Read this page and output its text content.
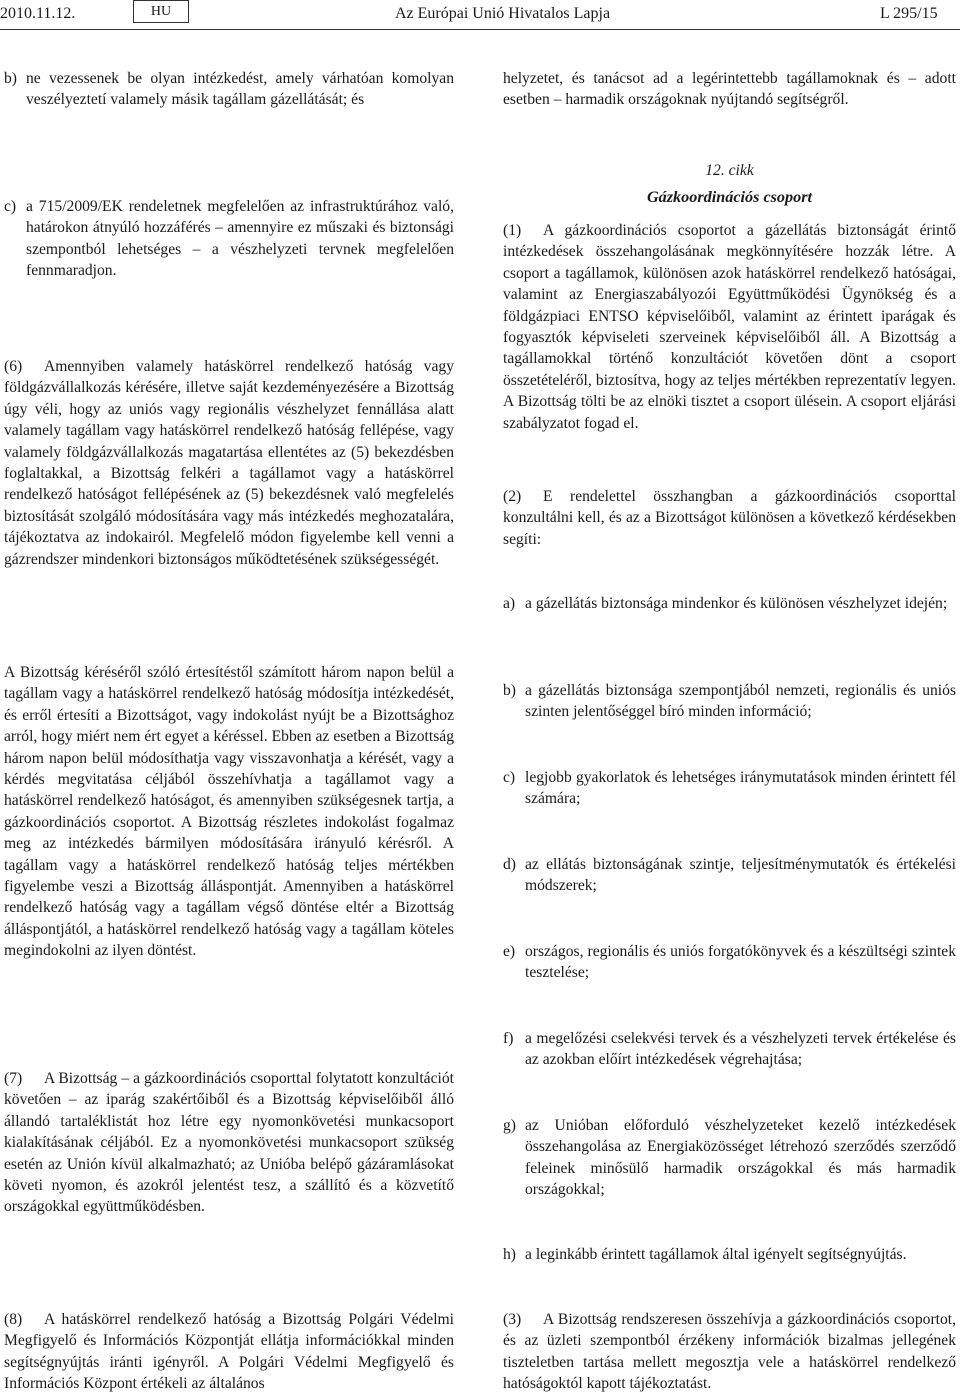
2010.11.12.	HU	Az Európai Unió Hivatalos Lapja	L 295/15
b) ne vezessenek be olyan intézkedést, amely várhatóan komolyan veszélyeztetí valamely másik tagállam gázellátását; és
c) a 715/2009/EK rendeletnek megfelelően az infrastruktúrához való, határokon átnyúló hozzáférés – amennyire ez műszaki és biztonsági szempontból lehetséges – a vészhelyzeti tervnek megfelelően fennmaradjon.
(6) Amennyiben valamely hatáskörrel rendelkező hatóság vagy földgázvállalkozás kérésére, illetve saját kezdeményezésére a Bizottság úgy véli, hogy az uniós vagy regionális vészhelyzet fennállása alatt valamely tagállam vagy hatáskörrel rendelkező hatóság fellépése, vagy valamely földgázvállalkozás magatartása ellentétes az (5) bekezdésben foglaltakkal, a Bizottság felkéri a tagállamot vagy a hatáskörrel rendelkező hatóságot fellépésének az (5) bekezdésnek való megfelelés biztosítását szolgáló módosítására vagy más intézkedés meghozatalára, tájékoztatva az indokairól. Megfelelő módon figyelembe kell venni a gázrendszer mindenkori biztonságos működtetésének szükségességét.
A Bizottság kéréséről szóló értesítéstől számított három napon belül a tagállam vagy a hatáskörrel rendelkező hatóság módosítja intézkedését, és erről értesíti a Bizottságot, vagy indokolást nyújt be a Bizottsághoz arról, hogy miért nem ért egyet a kéréssel. Ebben az esetben a Bizottság három napon belül módosíthatja vagy visszavonhatja a kérését, vagy a kérdés megvitatása céljából összehívhatja a tagállamot vagy a hatáskörrel rendelkező hatóságot, és amennyiben szükségesnek tartja, a gázkoordinációs csoportot. A Bizottság részletes indokolást fogalmaz meg az intézkedés bármilyen módosítására irányuló kérésről. A tagállam vagy a hatáskörrel rendelkező hatóság teljes mértékben figyelembe veszi a Bizottság álláspontját. Amennyiben a hatáskörrel rendelkező hatóság vagy a tagállam végső döntése eltér a Bizottság álláspontjától, a hatáskörrel rendelkező hatóság vagy a tagállam köteles megindokolni az ilyen döntést.
(7) A Bizottság – a gázkoordinációs csoporttal folytatott konzultációt követően – az iparág szakértőiből és a Bizottság képviselőiből álló állandó tartaléklistát hoz létre egy nyomonkövetési munkacsoport kialakításának céljából. Ez a nyomonkövetési munkacsoport szükség esetén az Unión kívül alkalmazható; az Unióba belépő gázáramlásokat követi nyomon, és azokról jelentést tesz, a szállító és a közvetítő országokkal együttműködésben.
(8) A hatáskörrel rendelkező hatóság a Bizottság Polgári Védelmi Megfigyelő és Információs Központját ellátja információkkal minden segítségnyújtás iránti igényről. A Polgári Védelmi Megfigyelő és Információs Központ értékeli az általános
helyzetet, és tanácsot ad a legérintettebb tagállamoknak és – adott esetben – harmadik országoknak nyújtandó segítségről.
12. cikk
Gázkoordinációs csoport
(1) A gázkoordinációs csoportot a gázellátás biztonságát érintő intézkedések összehangolásának megkönnyítésére hozzák létre. A csoport a tagállamok, különösen azok hatáskörrel rendelkező hatóságai, valamint az Energiaszabályozói Együttműködési Ügynökség és a földgázpiaci ENTSO képviselőiből, valamint az érintett iparágak és fogyasztók képviseleti szerveinek képviselőiből áll. A Bizottság a tagállamokkal történő konzultációt követően dönt a csoport összetételéről, biztosítva, hogy az teljes mértékben reprezentatív legyen. A Bizottság tölti be az elnöki tisztet a csoport ülésein. A csoport eljárási szabályzatot fogad el.
(2) E rendelettel összhangban a gázkoordinációs csoporttal konzultálni kell, és az a Bizottságot különösen a következő kérdésekben segíti:
a) a gázellátás biztonsága mindenkor és különösen vészhelyzet idején;
b) a gázellátás biztonsága szempontjából nemzeti, regionális és uniós szinten jelentőséggel bíró minden információ;
c) legjobb gyakorlatok és lehetséges iránymutatások minden érintett fél számára;
d) az ellátás biztonságának szintje, teljesítménymutatók és értékelési módszerek;
e) országos, regionális és uniós forgatókönyvek és a készültségi szintek tesztelése;
f) a megelőzési cselekvési tervek és a vészhelyzeti tervek értékelése és az azokban előírt intézkedések végrehajtása;
g) az Unióban előforduló vészhelyzeteket kezelő intézkedések összehangolása az Energiaközösséget létrehozó szerződés szerződő feleinek minősülő harmadik országokkal és más harmadik országokkal;
h) a leginkább érintett tagállamok által igényelt segítségnyújtás.
(3) A Bizottság rendszeresen összehívja a gázkoordinációs csoportot, és az üzleti szempontból érzékeny információk bizalmas jellegének tiszteletben tartása mellett megosztja vele a hatáskörrel rendelkező hatóságoktól kapott tájékoztatást.
